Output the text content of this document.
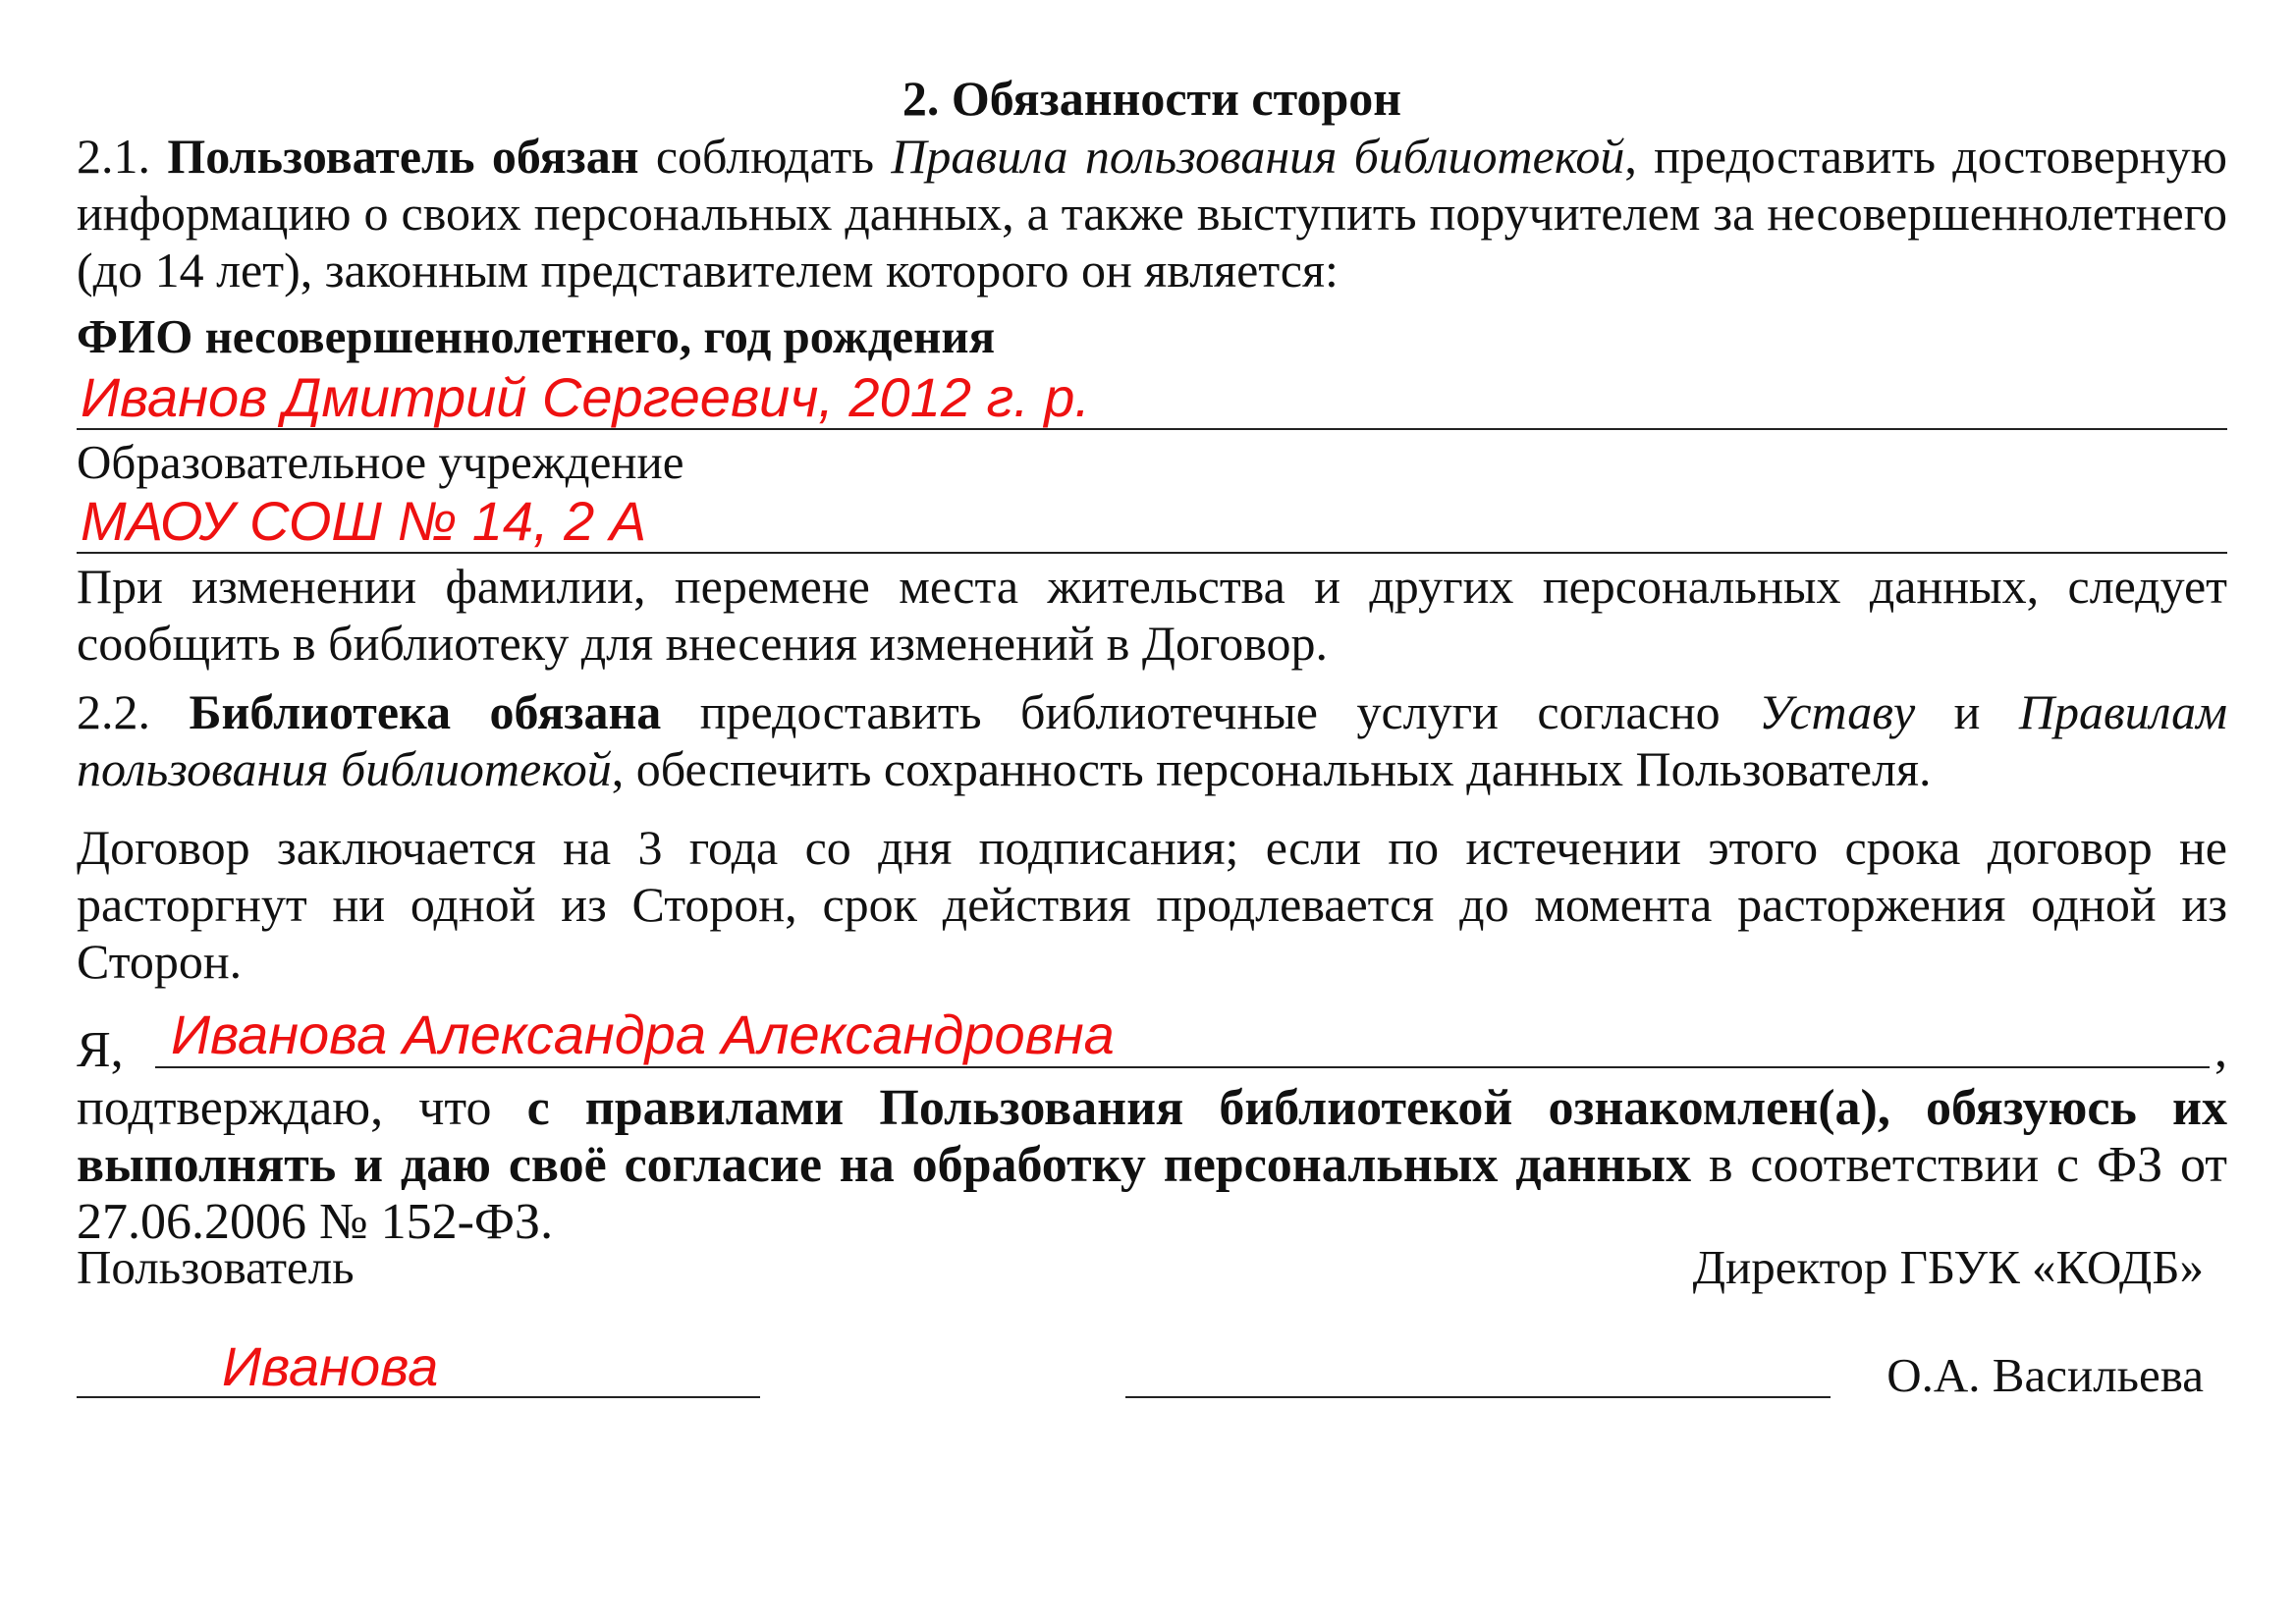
2. Обязанности сторон

2.1. Пользователь обязан соблюдать Правила пользования библиотекой, предоставить достоверную информацию о своих персональных данных, а также выступить поручителем за несовершеннолетнего (до 14 лет), законным представителем которого он является:

ФИО несовершеннолетнего, год рождения

Иванов Дмитрий Сергеевич, 2012 г. р.

Образовательное учреждение

МАОУ СОШ № 14, 2 А

При изменении фамилии, перемене места жительства и других персональных данных, следует сообщить в библиотеку для внесения изменений в Договор.

2.2. Библиотека обязана предоставить библиотечные услуги согласно Уставу и Правилам пользования библиотекой, обеспечить сохранность персональных данных Пользователя.

Договор заключается на 3 года со дня подписания; если по истечении этого срока договор не расторгнут ни одной из Сторон, срок действия продлевается до момента расторжения одной из Сторон.

Я, Иванова Александра Александровна	,

подтверждаю, что с правилами Пользования библиотекой ознакомлен(а), обязуюсь их выполнять и даю своё согласие на обработку персональных данных в соответствии с ФЗ от 27.06.2006 № 152-ФЗ.

Пользователь	Директор ГБУК «КОДБ»
Иванова	О.А. Васильева
